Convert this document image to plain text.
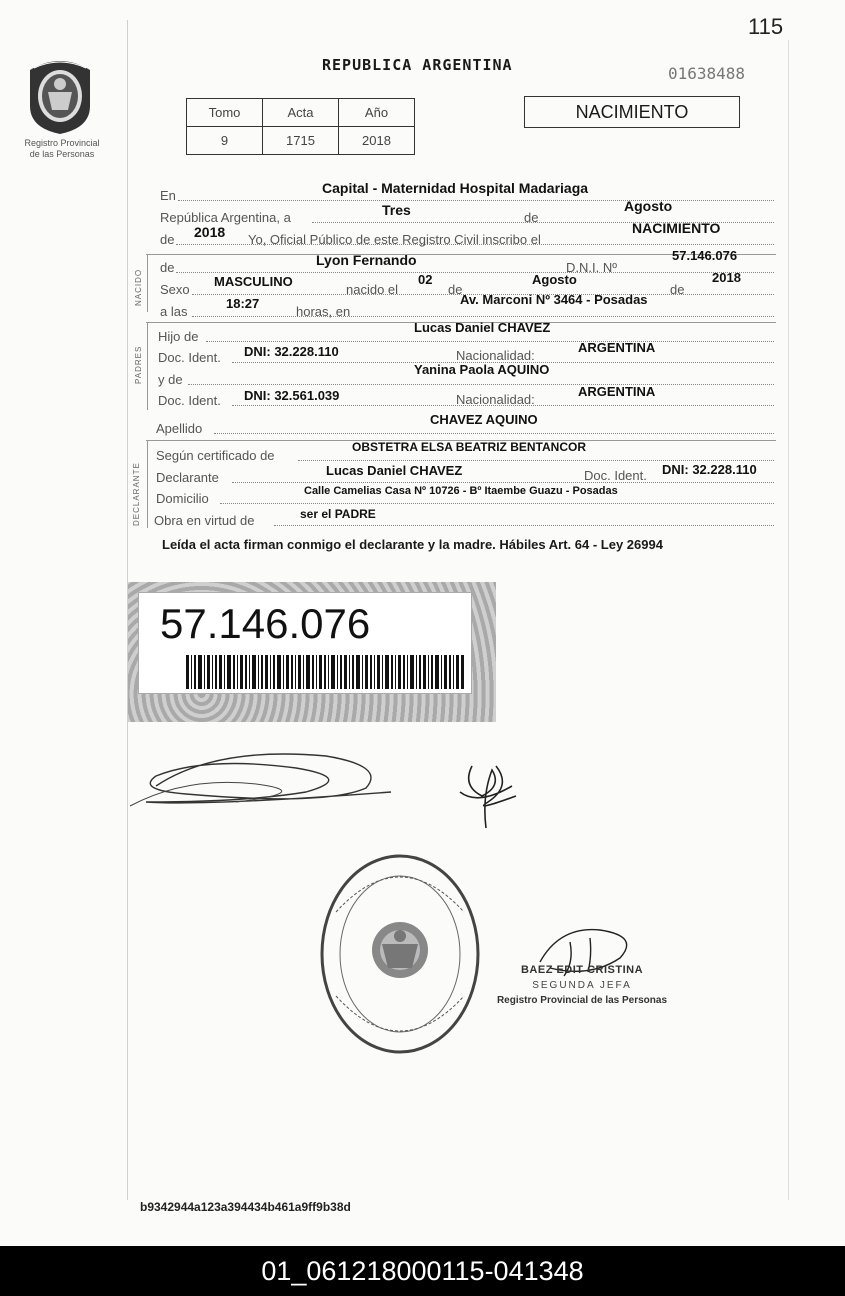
115
Registro Provincial
de las Personas
REPUBLICA ARGENTINA	01638488
Tomo	Acta	Año
9	1715	2018
NACIMIENTO
En	Capital - Maternidad Hospital Madariaga
República Argentina, a	Tres	de
Agosto
de 2018 Yo, Oficial Público de este Registro Civil inscribo el
NACIMIENTO
NACIDO
de	Lyon Fernando	D.N.I. Nº
57.146.076
Sexo
MASCULINO
nacido el
02
de
Agosto
de
2018
a las
18:27
horas, en
Av. Marconi Nº 3464 - Posadas
PADRES
Hijo de
Lucas Daniel CHAVEZ
Doc. Ident. DNI: 32.228.110	Nacionalidad:
ARGENTINA
y de
Yanina Paola AQUINO
Doc. Ident. DNI: 32.561.039	Nacionalidad:
ARGENTINA
Apellido
CHAVEZ AQUINO
DECLARANTE
Según certificado de
OBSTETRA ELSA BEATRIZ BENTANCOR
Declarante	Lucas Daniel CHAVEZ	Doc. Ident. DNI: 32.228.110
Domicilio	Calle Camelias Casa Nº 10726 - Bº Itaembe Guazu - Posadas
Obra en virtud de	ser el PADRE
Leída el acta firman conmigo el declarante y la madre. Hábiles Art. 64 - Ley 26994
57.146.076
BAEZ EDIT CRISTINA
SEGUNDA JEFA
Registro Provincial de las Personas
b9342944a123a394434b461a9ff9b38d
01_061218000115-041348
